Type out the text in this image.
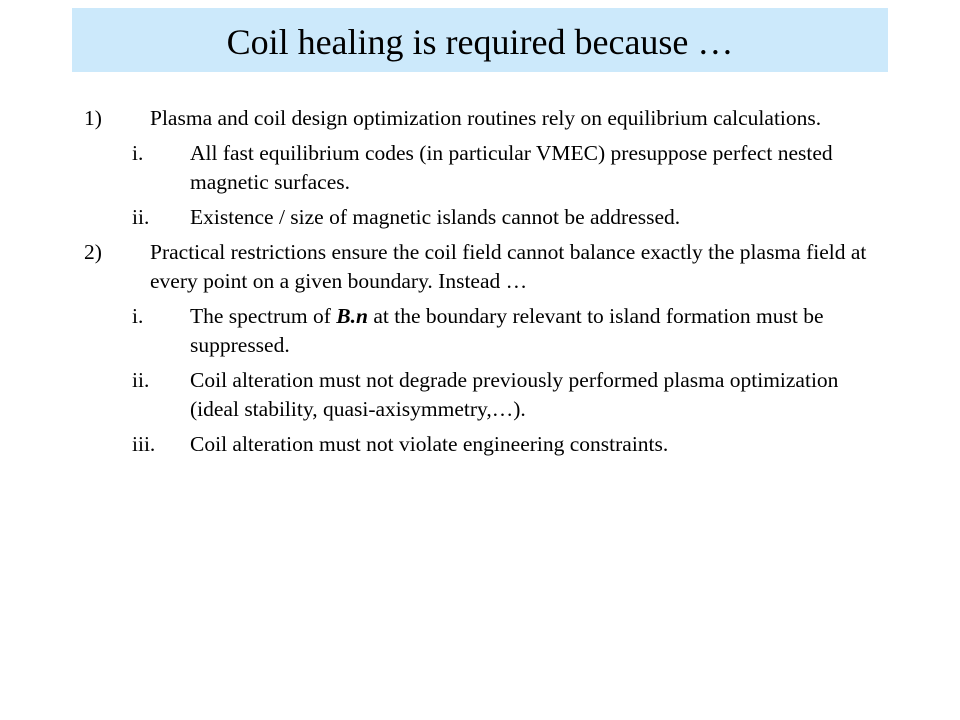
Coil healing is required because …
1) Plasma and coil design optimization routines rely on equilibrium calculations.
i.	All fast equilibrium codes (in particular VMEC) presuppose perfect nested magnetic surfaces.
ii.	Existence / size of magnetic islands cannot be addressed.
2) Practical restrictions ensure the coil field cannot balance exactly the plasma field at every point on a given boundary. Instead …
i.	The spectrum of B.n at the boundary relevant to island formation must be suppressed.
ii.	Coil alteration must not degrade previously performed plasma optimization (ideal stability, quasi-axisymmetry,…).
iii.	Coil alteration must not violate engineering constraints.
